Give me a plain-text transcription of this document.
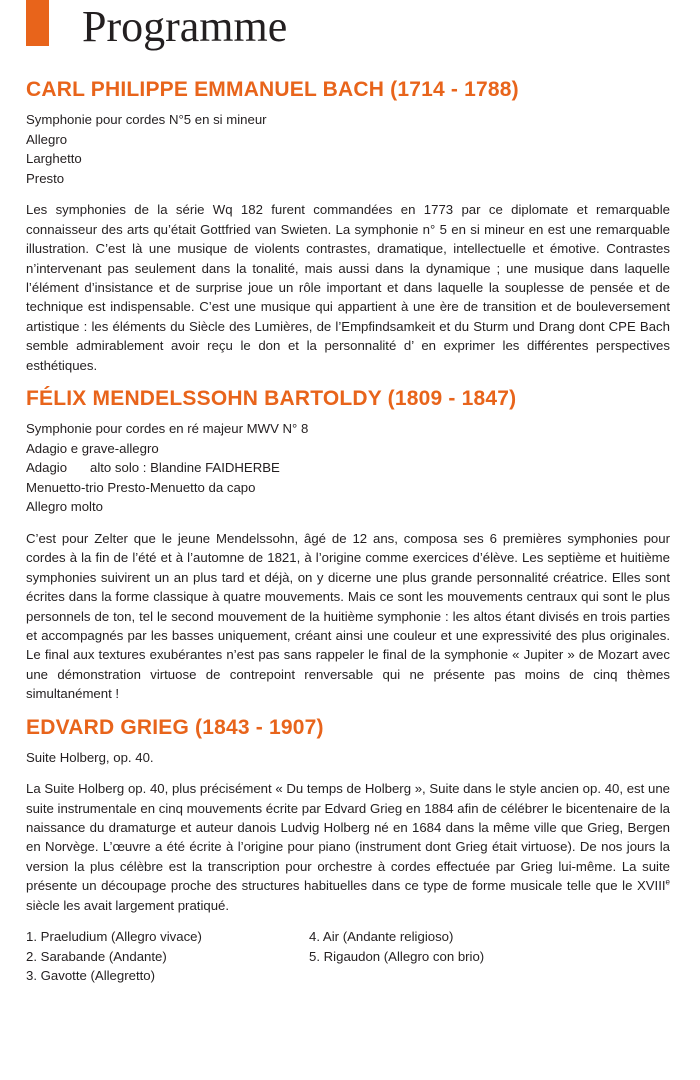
Programme
CARL PHILIPPE EMMANUEL BACH (1714 - 1788)
Symphonie pour cordes N°5 en si mineur
Allegro
Larghetto
Presto

Les symphonies de la série Wq 182 furent commandées en 1773 par ce diplomate et remarquable connaisseur des arts qu’était Gottfried van Swieten. La symphonie n° 5 en si mineur en est une remarquable illustration. C’est là une musique de violents contrastes, dramatique, intellectuelle et émotive. Contrastes n’intervenant pas seulement dans la tonalité, mais aussi dans la dynamique ; une musique dans laquelle l’élément d’insistance et de surprise joue un rôle important et dans laquelle la souplesse de pensée et de technique est indispensable. C’est une musique qui appartient à une ère de transition et de bouleversement artistique : les éléments du Siècle des Lumières, de l’Empfindsamkeit et du Sturm und Drang dont CPE Bach semble admirablement avoir reçu le don et la personnalité d’ en exprimer les différentes perspectives esthétiques.

FÉLIX MENDELSSOHN BARTOLDY (1809 - 1847)
Symphonie pour cordes en ré majeur MWV N° 8
Adagio e grave-allegro
Adagio alto solo : Blandine FAIDHERBE
Menuetto-trio Presto-Menuetto da capo
Allegro molto

C’est pour Zelter que le jeune Mendelssohn, âgé de 12 ans, composa ses 6 premières symphonies pour cordes à la fin de l’été et à l’automne de 1821, à l’origine comme exercices d’élève. Les septième et huitième symphonies suivirent un an plus tard et déjà, on y dicerne une plus grande personnalité créatrice. Elles sont écrites dans la forme classique à quatre mouvements. Mais ce sont les mouvements centraux qui sont le plus personnels de ton, tel le second mouvement de la huitième symphonie : les altos étant divisés en trois parties et accompagnés par les basses uniquement, créant ainsi une couleur et une expressivité des plus originales. Le final aux textures exubérantes n’est pas sans rappeler le final de la symphonie « Jupiter » de Mozart avec une démonstration virtuose de contrepoint renversable qui ne présente pas moins de cinq thèmes simultanément !

EDVARD GRIEG (1843 - 1907)
Suite Holberg, op. 40.

La Suite Holberg op. 40, plus précisément « Du temps de Holberg », Suite dans le style ancien op. 40, est une suite instrumentale en cinq mouvements écrite par Edvard Grieg en 1884 afin de célébrer le bicentenaire de la naissance du dramaturge et auteur danois Ludvig Holberg né en 1684 dans la même ville que Grieg, Bergen en Norvège. L’œuvre a été écrite à l’origine pour piano (instrument dont Grieg était virtuose). De nos jours la version la plus célèbre est la transcription pour orchestre à cordes effectuée par Grieg lui-même. La suite présente un découpage proche des structures habituelles dans ce type de forme musicale telle que le XVIIIe siècle les avait largement pratiqué.

1. Praeludium (Allegro vivace)
2. Sarabande (Andante)
3. Gavotte (Allegretto)
4. Air (Andante religioso)
5. Rigaudon (Allegro con brio)
